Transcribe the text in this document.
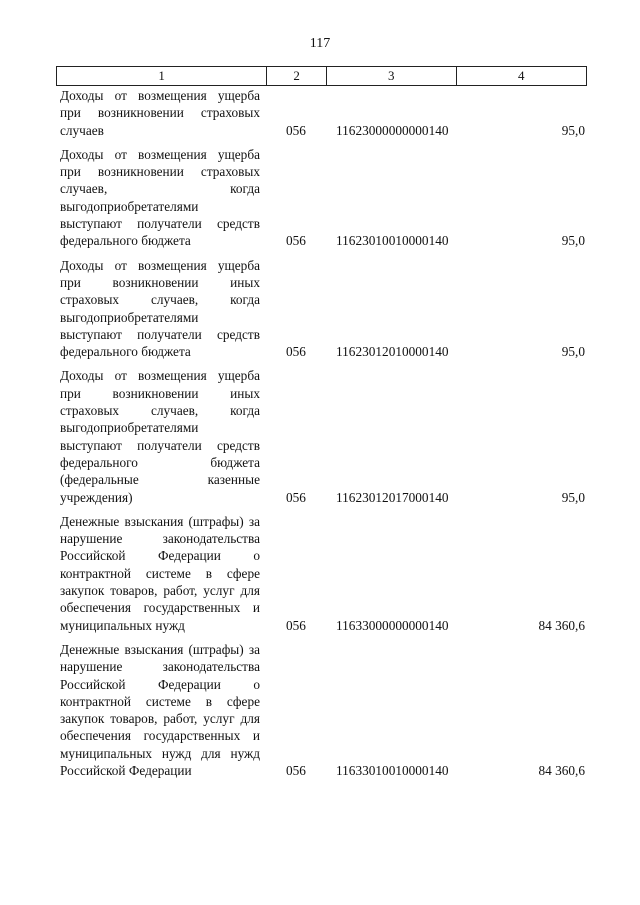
117
1	2	3	4
Доходы от возмещения ущерба при возникновении страховых случаев	056 11623000000000140	95,0
Доходы от возмещения ущерба при возникновении страховых случаев, когда выгодоприобретателями выступают получатели средств федерального бюджета	056 11623010010000140	95,0
Доходы от возмещения ущерба при возникновении иных страховых случаев, когда выгодоприобретателями выступают получатели средств федерального бюджета	056 11623012010000140	95,0
Доходы от возмещения ущерба при возникновении иных страховых случаев, когда выгодоприобретателями выступают получатели средств федерального бюджета (федеральные казенные учреждения)	056 11623012017000140	95,0
Денежные взыскания (штрафы) за нарушение законодательства Российской Федерации о контрактной системе в сфере закупок товаров, работ, услуг для обеспечения государственных и муниципальных нужд	056 11633000000000140	84 360,6
Денежные взыскания (штрафы) за нарушение законодательства Российской Федерации о контрактной системе в сфере закупок товаров, работ, услуг для обеспечения государственных и муниципальных нужд для нужд Российской Федерации	056 11633010010000140	84 360,6
